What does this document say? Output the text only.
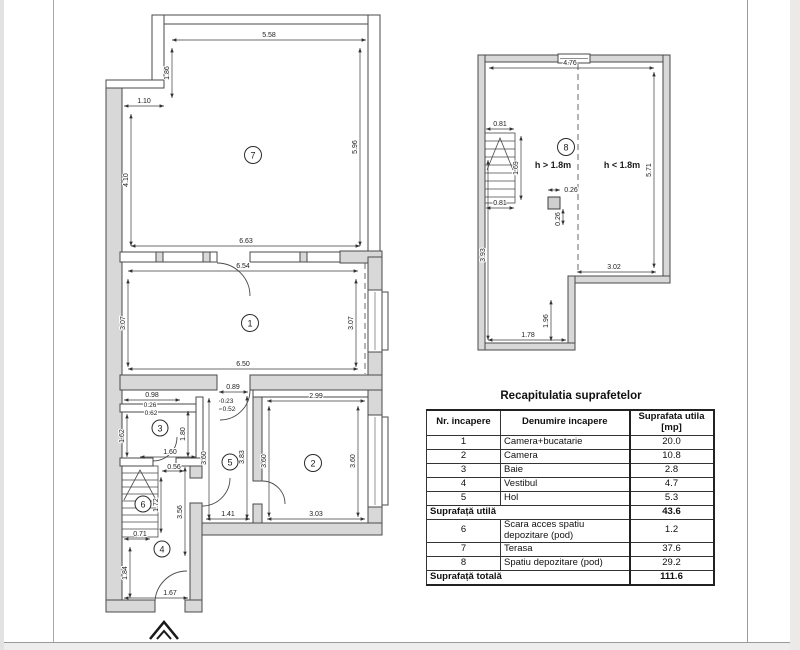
5.58
1.86
1.10
4.10
5.96
6.63
6.54
3.07	3.07
6.50
0.89
0.23
0.52
0.98
0.26
0.62
1.62	1.80
1.60
0.56
1.72
0.71
1.84
1.67
3.56
3.60	3.83
1.41
2.99
3.60	3.60
3.03
7
1
3
5	2
6
4
4.76
5.71
3.93
1.78
1.96
3.02
0.81
1.69
0.81
0.26
0.26
8
h > 1.8m	h < 1.8m
Recapitulatia suprafetelor
Nr. incapere	Denumire incapere	Suprafata utila
[mp]
1	Camera+bucatarie	20.0
2	Camera	10.8
3	Baie	2.8
4	Vestibul	4.7
5	Hol	5.3
Suprafață utilă		43.6
6	Scara acces spatiu depozitare (pod)	1.2
7	Terasa	37.6
8	Spatiu depozitare (pod)	29.2
Suprafață totală		111.6
